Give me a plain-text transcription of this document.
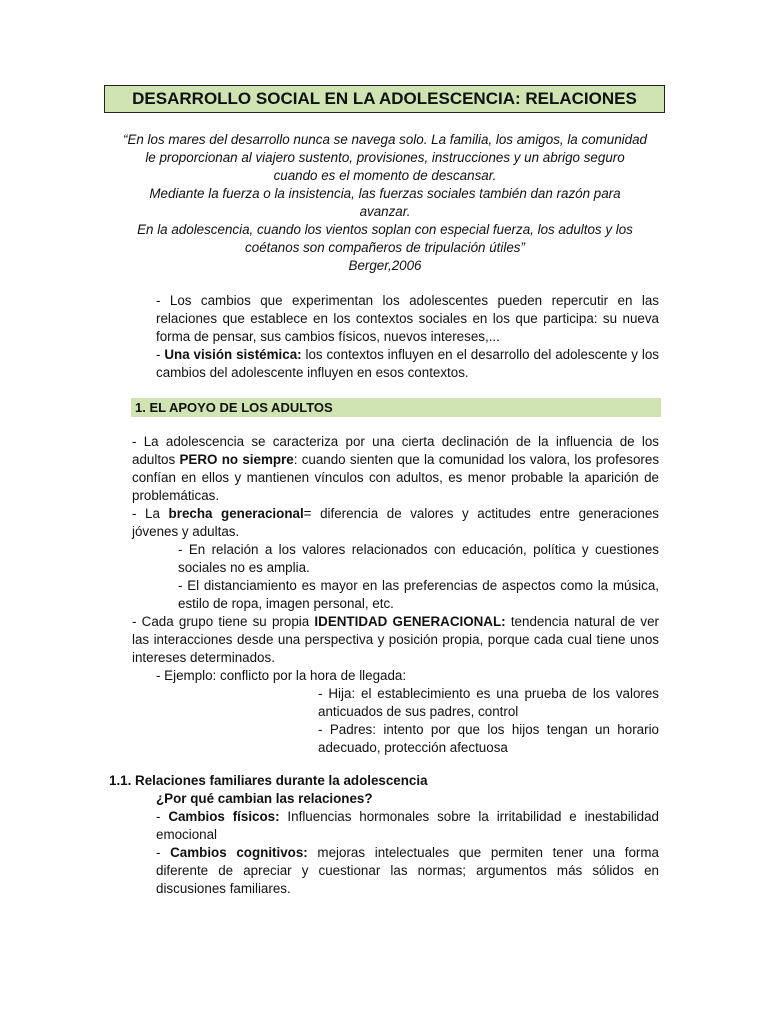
DESARROLLO SOCIAL EN LA ADOLESCENCIA: RELACIONES
“En los mares del desarrollo nunca se navega solo. La familia, los amigos, la comunidad
le proporcionan al viajero sustento, provisiones, instrucciones y un abrigo seguro
cuando es el momento de descansar.
Mediante la fuerza o la insistencia, las fuerzas sociales también dan razón para
avanzar.
En la adolescencia, cuando los vientos soplan con especial fuerza, los adultos y los
coétanos son compañeros de tripulación útiles”
Berger,2006

- Los cambios que experimentan los adolescentes pueden repercutir en las relaciones que establece en los contextos sociales en los que participa: su nueva forma de pensar, sus cambios físicos, nuevos intereses,...

- Una visión sistémica: los contextos influyen en el desarrollo del adolescente y los cambios del adolescente influyen en esos contextos.

1. EL APOYO DE LOS ADULTOS

- La adolescencia se caracteriza por una cierta declinación de la influencia de los adultos PERO no siempre: cuando sienten que la comunidad los valora, los profesores confían en ellos y mantienen vínculos con adultos, es menor probable la aparición de problemáticas.

- La brecha generacional= diferencia de valores y actitudes entre generaciones jóvenes y adultas.

- En relación a los valores relacionados con educación, política y cuestiones sociales no es amplia.

- El distanciamiento es mayor en las preferencias de aspectos como la música, estilo de ropa, imagen personal, etc.

- Cada grupo tiene su propia IDENTIDAD GENERACIONAL: tendencia natural de ver las interacciones desde una perspectiva y posición propia, porque cada cual tiene unos intereses determinados.

- Ejemplo: conflicto por la hora de llegada:

- Hija: el establecimiento es una prueba de los valores anticuados de sus padres, control

- Padres: intento por que los hijos tengan un horario adecuado, protección afectuosa

1.1. Relaciones familiares durante la adolescencia
¿Por qué cambian las relaciones?

- Cambios físicos: Influencias hormonales sobre la irritabilidad e inestabilidad emocional

- Cambios cognitivos: mejoras intelectuales que permiten tener una forma diferente de apreciar y cuestionar las normas; argumentos más sólidos en discusiones familiares.
